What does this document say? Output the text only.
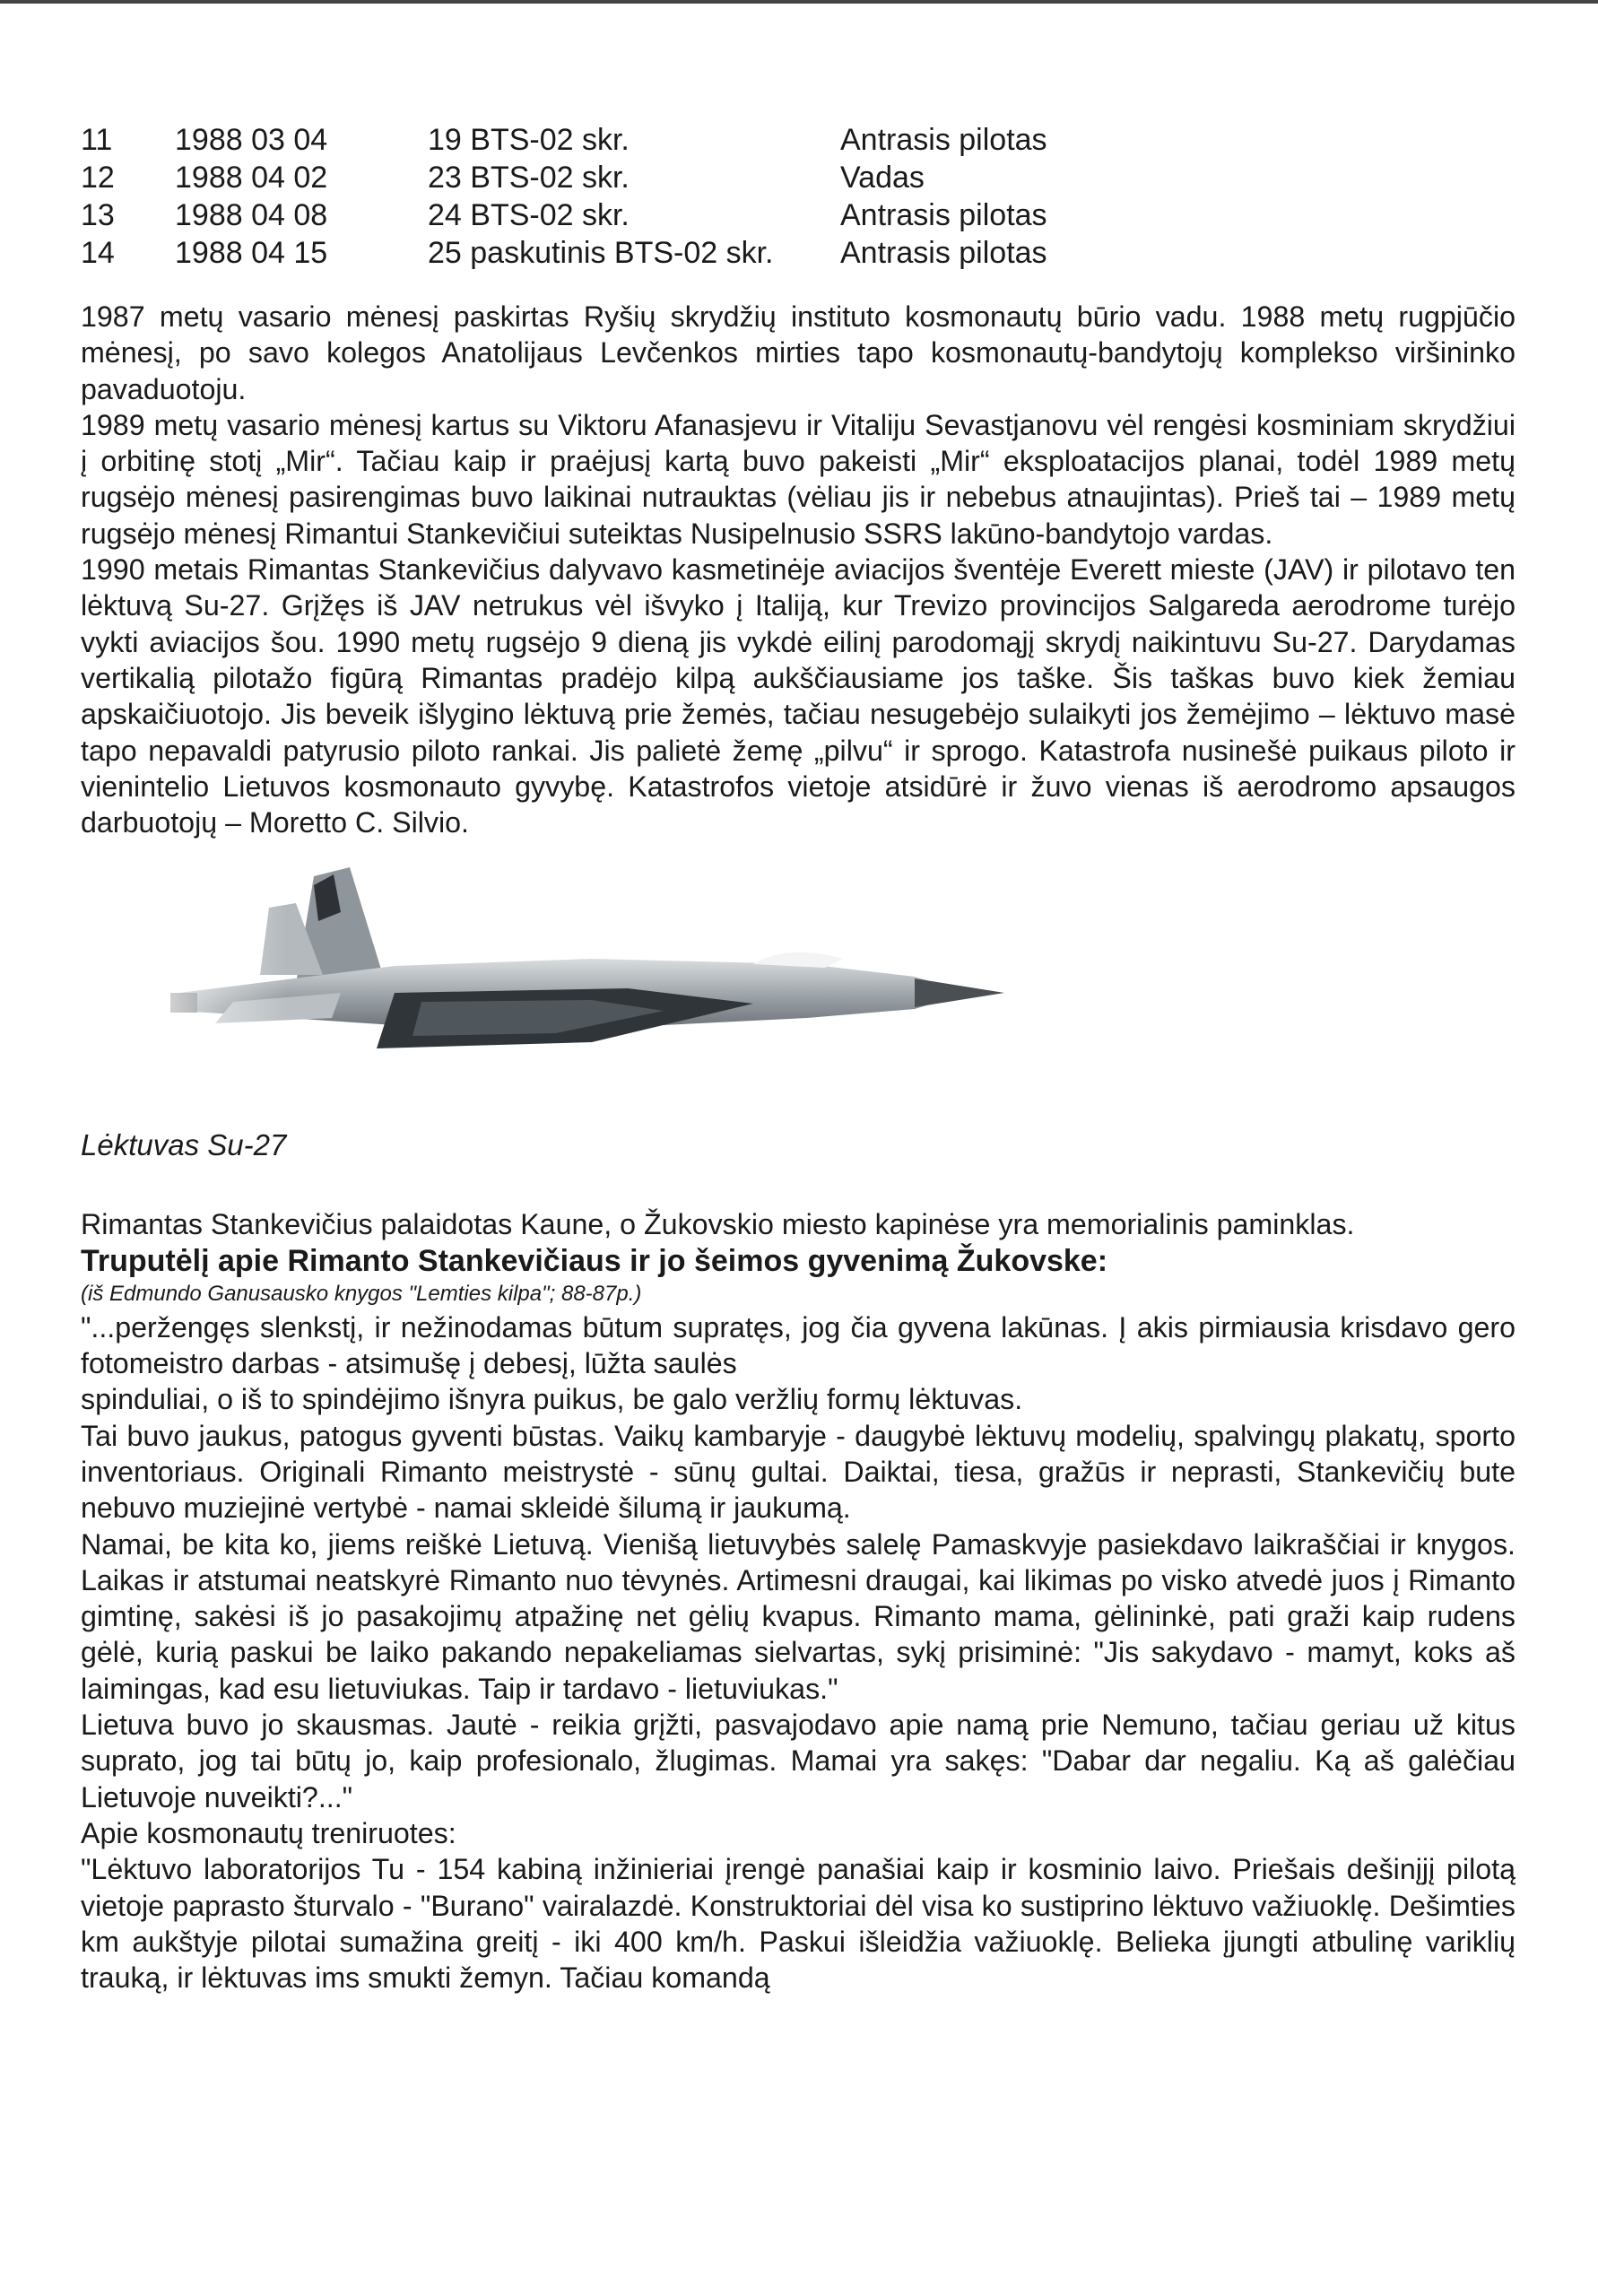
11	1988 03 04	19 BTS-02 skr.	Antrasis pilotas
12	1988 04 02	23 BTS-02 skr.	Vadas
13	1988 04 08	24 BTS-02 skr.	Antrasis pilotas
14	1988 04 15	25 paskutinis BTS-02 skr.	Antrasis pilotas

1987 metų vasario mėnesį paskirtas Ryšių skrydžių instituto kosmonautų būrio vadu. 1988 metų rugpjūčio mėnesį, po savo kolegos Anatolijaus Levčenkos mirties tapo kosmonautų-bandytojų komplekso viršininko pavaduotoju.

1989 metų vasario mėnesį kartus su Viktoru Afanasjevu ir Vitaliju Sevastjanovu vėl rengėsi kosminiam skrydžiui į orbitinę stotį „Mir“. Tačiau kaip ir praėjusį kartą buvo pakeisti „Mir“ eksploatacijos planai, todėl 1989 metų rugsėjo mėnesį pasirengimas buvo laikinai nutrauktas (vėliau jis ir nebebus atnaujintas). Prieš tai – 1989 metų rugsėjo mėnesį Rimantui Stankevičiui suteiktas Nusipelnusio SSRS lakūno-bandytojo vardas.

1990 metais Rimantas Stankevičius dalyvavo kasmetinėje aviacijos šventėje Everett mieste (JAV) ir pilotavo ten lėktuvą Su-27. Grįžęs iš JAV netrukus vėl išvyko į Italiją, kur Trevizo provincijos Salgareda aerodrome turėjo vykti aviacijos šou. 1990 metų rugsėjo 9 dieną jis vykdė eilinį parodomąjį skrydį naikintuvu Su-27. Darydamas vertikalią pilotažo figūrą Rimantas pradėjo kilpą aukščiausiame jos taške. Šis taškas buvo kiek žemiau apskaičiuotojo. Jis beveik išlygino lėktuvą prie žemės, tačiau nesugebėjo sulaikyti jos žemėjimo – lėktuvo masė tapo nepavaldi patyrusio piloto rankai. Jis palietė žemę „pilvu“ ir sprogo. Katastrofa nusinešė puikaus piloto ir vienintelio Lietuvos kosmonauto gyvybę. Katastrofos vietoje atsidūrė ir žuvo vienas iš aerodromo apsaugos darbuotojų – Moretto C. Silvio.

Lėktuvas Su-27

Rimantas Stankevičius palaidotas Kaune, o Žukovskio miesto kapinėse yra memorialinis paminklas.

Truputėlį apie Rimanto Stankevičiaus ir jo šeimos gyvenimą Žukovske:

(iš Edmundo Ganusausko knygos "Lemties kilpa"; 88-87p.)

"...peržengęs slenkstį, ir nežinodamas būtum supratęs, jog čia gyvena lakūnas. Į akis pirmiausia krisdavo gero fotomeistro darbas - atsimušę į debesį, lūžta saulės

spinduliai, o iš to spindėjimo išnyra puikus, be galo veržlių formų lėktuvas.

Tai buvo jaukus, patogus gyventi būstas. Vaikų kambaryje - daugybė lėktuvų modelių, spalvingų plakatų, sporto inventoriaus. Originali Rimanto meistrystė - sūnų gultai. Daiktai, tiesa, gražūs ir neprasti, Stankevičių bute nebuvo muziejinė vertybė - namai skleidė šilumą ir jaukumą.

Namai, be kita ko, jiems reiškė Lietuvą. Vienišą lietuvybės salelę Pamaskvyje pasiekdavo laikraščiai ir knygos. Laikas ir atstumai neatskyrė Rimanto nuo tėvynės. Artimesni draugai, kai likimas po visko atvedė juos į Rimanto gimtinę, sakėsi iš jo pasakojimų atpažinę net gėlių kvapus. Rimanto mama, gėlininkė, pati graži kaip rudens gėlė, kurią paskui be laiko pakando nepakeliamas sielvartas, sykį prisiminė: "Jis sakydavo - mamyt, koks aš laimingas, kad esu lietuviukas. Taip ir tardavo - lietuviukas."

Lietuva buvo jo skausmas. Jautė - reikia grįžti, pasvajodavo apie namą prie Nemuno, tačiau geriau už kitus suprato, jog tai būtų jo, kaip profesionalo, žlugimas. Mamai yra sakęs: "Dabar dar negaliu. Ką aš galėčiau Lietuvoje nuveikti?..."

Apie kosmonautų treniruotes:

"Lėktuvo laboratorijos Tu - 154 kabiną inžinieriai įrengė panašiai kaip ir kosminio laivo. Priešais dešinįjį pilotą vietoje paprasto šturvalo - "Burano" vairalazdė. Konstruktoriai dėl visa ko sustiprino lėktuvo važiuoklę. Dešimties km aukštyje pilotai sumažina greitį - iki 400 km/h. Paskui išleidžia važiuoklę. Belieka įjungti atbulinę variklių trauką, ir lėktuvas ims smukti žemyn. Tačiau komandą
